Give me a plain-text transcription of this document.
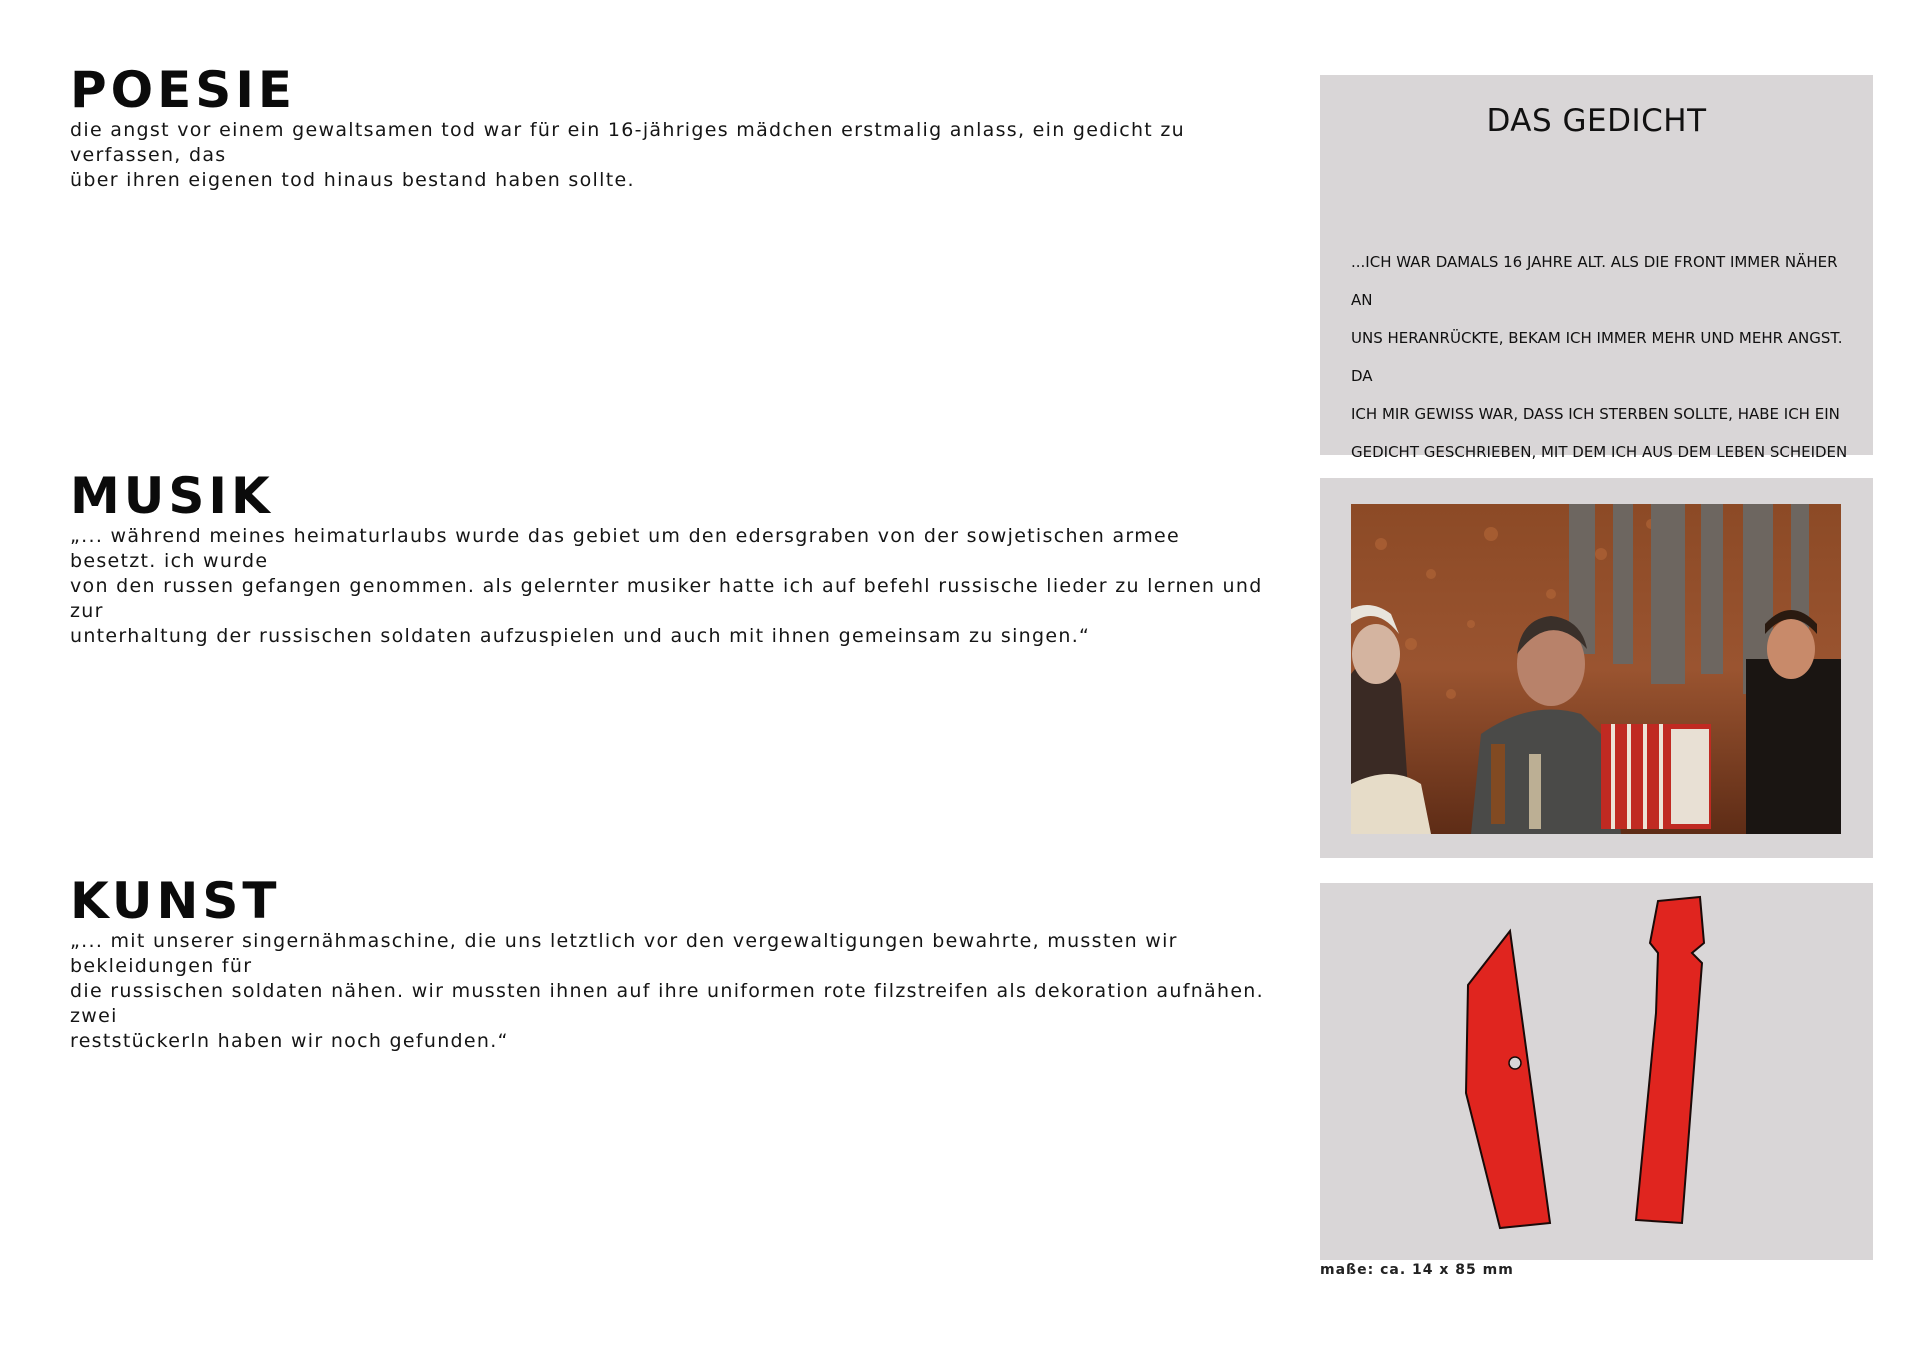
POESIE

die angst vor einem gewaltsamen tod war für ein 16-jähriges mädchen erstmalig anlass, ein gedicht zu verfassen, das

über ihren eigenen tod hinaus bestand haben sollte.

MUSIK

„... während meines heimaturlaubs wurde das gebiet um den edersgraben von der sowjetischen armee besetzt. ich wurde

von den russen gefangen genommen. als gelernter musiker hatte ich auf befehl russische lieder zu lernen und zur

unterhaltung der russischen soldaten aufzuspielen und auch mit ihnen gemeinsam zu singen.“

KUNST

„... mit unserer singernähmaschine, die uns letztlich vor den vergewaltigungen bewahrte, mussten wir bekleidungen für

die russischen soldaten nähen. wir mussten ihnen auf ihre uniformen rote filzstreifen als dekoration aufnähen. zwei

reststückerln haben wir noch gefunden.“

DAS GEDICHT
...ICH WAR DAMALS 16 JAHRE ALT. ALS DIE FRONT IMMER NÄHER AN
UNS HERANRÜCKTE, BEKAM ICH IMMER MEHR UND MEHR ANGST. DA
ICH MIR GEWISS WAR, DASS ICH STERBEN SOLLTE, HABE ICH EIN
GEDICHT GESCHRIEBEN, MIT DEM ICH AUS DEM LEBEN SCHEIDEN
maße: ca. 14 x 85 mm
